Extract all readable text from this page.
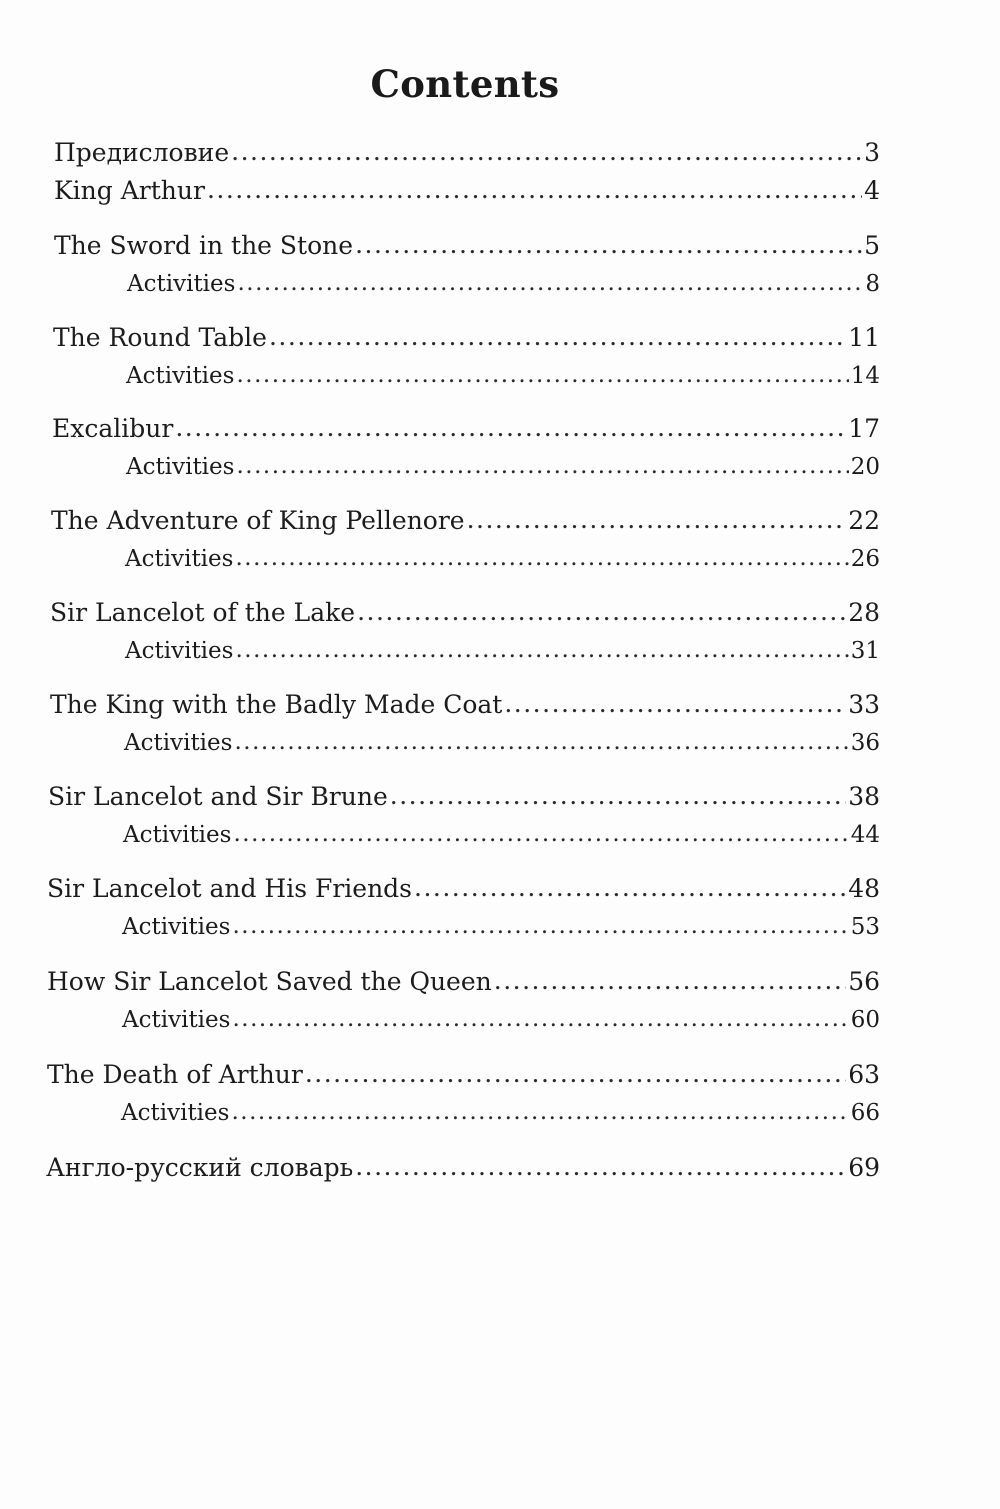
Contents
Предисловие .....	3
King Arthur .....	4
The Sword in the Stone .....	5
Activities .....	8
The Round Table .....	11
Activities .....	14
Excalibur .....	17
Activities .....	20
The Adventure of King Pellenore .....	22
Activities .....	26
Sir Lancelot of the Lake .....	28
Activities .....	31
The King with the Badly Made Coat .....	33
Activities .....	36
Sir Lancelot and Sir Brune .....	38
Activities .....	44
Sir Lancelot and His Friends .....	48
Activities .....	53
How Sir Lancelot Saved the Queen .....	56
Activities .....	60
The Death of Arthur .....	63
Activities .....	66
Англо-русский словарь .....	69
